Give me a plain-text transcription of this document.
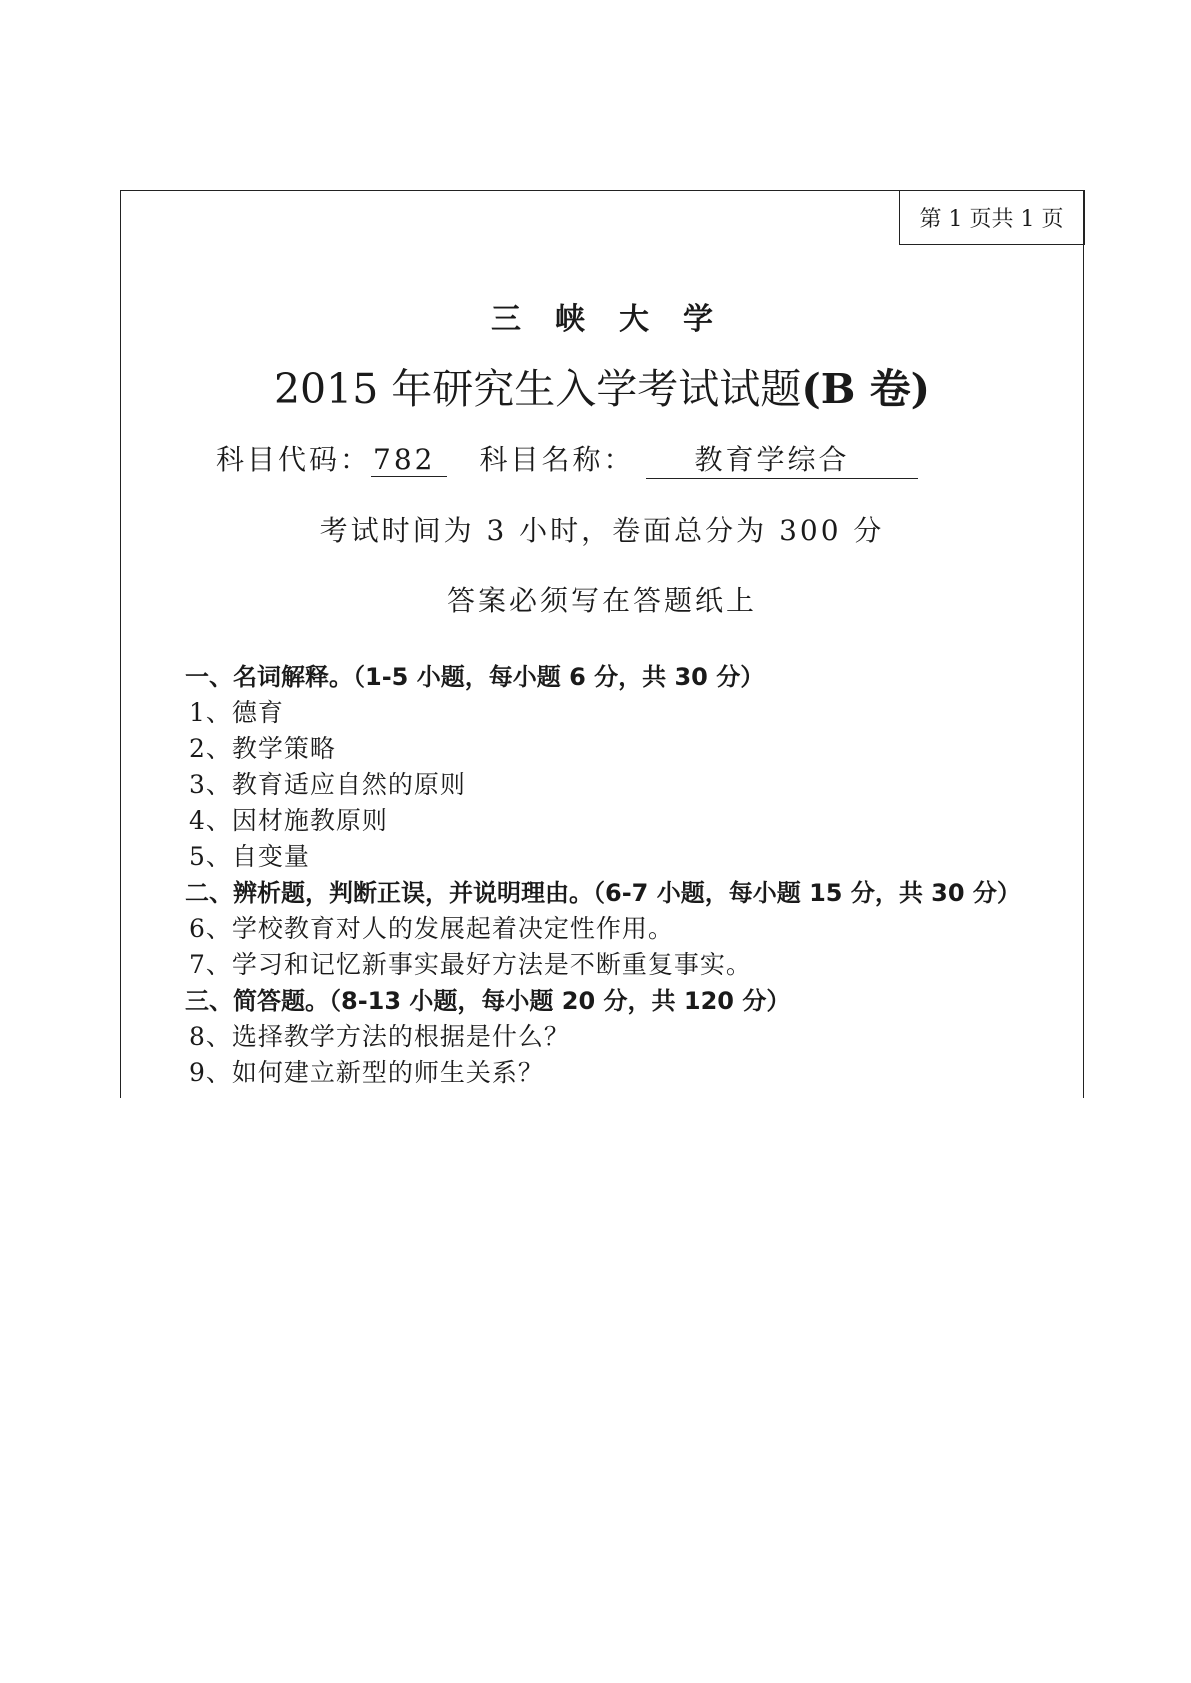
第 1 页共 1 页
三峡大学
2015 年研究生入学考试试题(B 卷)
科目代码：782 科目名称： 教育学综合
考试时间为 3 小时，卷面总分为 300 分
答案必须写在答题纸上
一、名词解释。（1-5 小题，每小题 6 分，共 30 分）
1、德育
2、教学策略
3、教育适应自然的原则
4、因材施教原则
5、自变量
二、辨析题，判断正误，并说明理由。（6-7 小题，每小题 15 分，共 30 分）
6、学校教育对人的发展起着决定性作用。
7、学习和记忆新事实最好方法是不断重复事实。
三、简答题。（8-13 小题，每小题 20 分，共 120 分）
8、选择教学方法的根据是什么？
9、如何建立新型的师生关系？
